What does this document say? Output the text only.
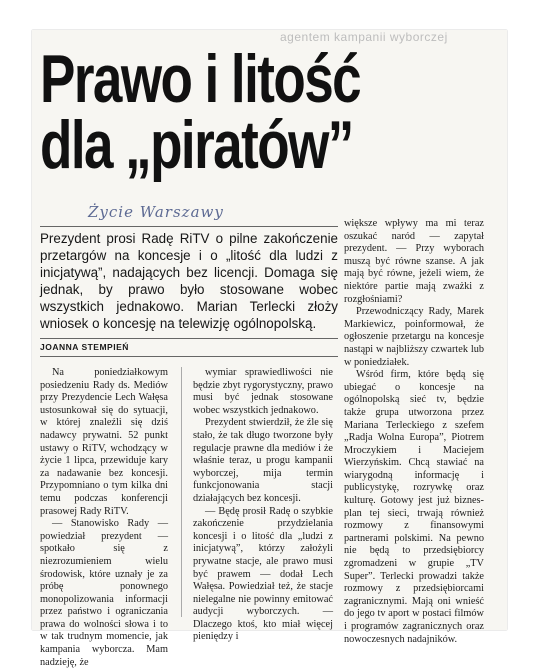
agentem kampanii wyborczej
Prawo i litość
dla „piratów”
Życie Warszawy
Prezydent prosi Radę RiTV o pilne zakończenie przetargów na koncesje i o „litość dla ludzi z inicjatywą”, nadających bez licencji. Domaga się jednak, by prawo było stosowane wobec wszystkich jednakowo. Marian Terlecki złoży wniosek o koncesję na telewizję ogólnopolską.
JOANNA STEMPIEŃ

Na poniedziałkowym posiedzeniu Rady ds. Mediów przy Prezydencie Lech Wałęsa ustosunkował się do sytuacji, w której znaleźli się dziś nadawcy prywatni. 52 punkt ustawy o RiTV, wchodzący w życie 1 lipca, przewiduje kary za nadawanie bez koncesji. Przypomniano o tym kilka dni temu podczas konferencji prasowej Rady RiTV.

— Stanowisko Rady — powiedział prezydent — spotkało się z niezrozumieniem wielu środowisk, które uznały je za próbę ponownego monopolizowania informacji przez państwo i ograniczania prawa do wolności słowa i to w tak trudnym momencie, jak kampania wyborcza. Mam nadzieję, że

wymiar sprawiedliwości nie będzie zbyt rygorystyczny, prawo musi być jednak stosowane wobec wszystkich jednakowo.

Prezydent stwierdził, że źle się stało, że tak długo tworzone były regulacje prawne dla mediów i że właśnie teraz, u progu kampanii wyborczej, mija termin funkcjonowania stacji działających bez koncesji.

— Będę prosił Radę o szybkie zakończenie przydzielania koncesji i o litość dla „ludzi z inicjatywą”, którzy założyli prywatne stacje, ale prawo musi być prawem — dodał Lech Wałęsa. Powiedział też, że stacje nielegalne nie powinny emitować audycji wyborczych. — Dlaczego ktoś, kto miał więcej pieniędzy i

większe wpływy ma mi teraz oszukać naród — zapytał prezydent. — Przy wyborach muszą być równe szanse. A jak mają być równe, jeżeli wiem, że niektóre partie mają zważki z rozgłośniami?

Przewodniczący Rady, Marek Markiewicz, poinformował, że ogłoszenie przetargu na koncesje nastąpi w najbliższy czwartek lub w poniedziałek.

Wśród firm, które będą się ubiegać o koncesje na ogólnopolską sieć tv, będzie także grupa utworzona przez Mariana Terleckiego z szefem „Radja Wolna Europa”, Piotrem Mroczykiem i Maciejem Wierzyńskim. Chcą stawiać na wiarygodną informację i publicystykę, rozrywkę oraz kulturę. Gotowy jest już biznes-plan tej sieci, trwają również rozmowy z finansowymi partnerami polskimi. Na pewno nie będą to przedsiębiorcy zgromadzeni w grupie „TV Super”. Terlecki prowadzi także rozmowy z przedsiębiorcami zagranicznymi. Mają oni wnieść do jego tv aport w postaci filmów i programów zagranicznych oraz nowoczesnych nadajników.
